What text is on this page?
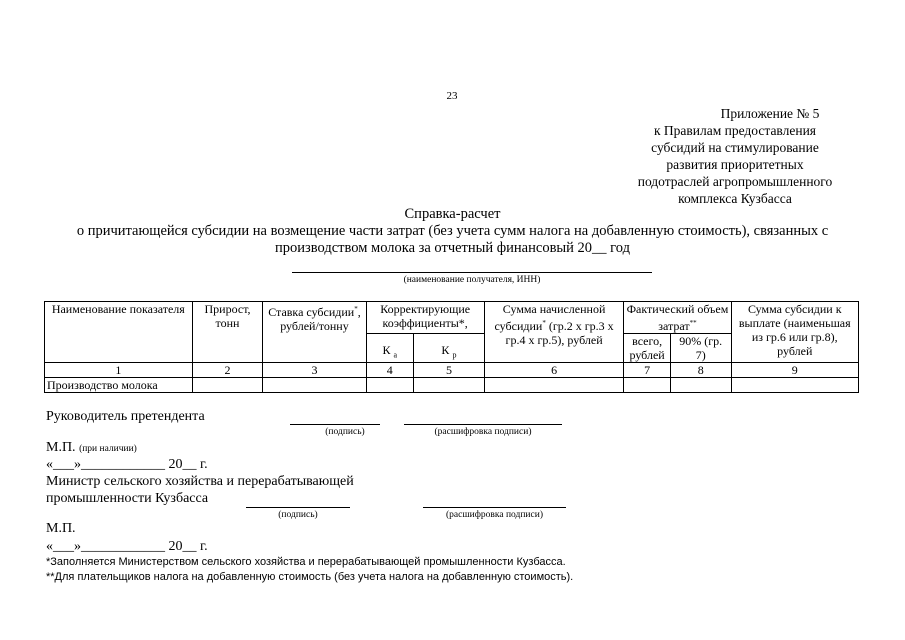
23
Приложение № 5
к Правилам предоставления
субсидий на стимулирование
развития приоритетных
подотраслей агропромышленного
комплекса Кузбасса
Справка-расчет
о причитающейся субсидии на возмещение части затрат (без учета сумм налога на добавленную стоимость), связанных с
производством молока за отчетный финансовый 20__ год
(наименование получателя, ИНН)
Наименование показателя	Прирост, тонн	Ставка субсидии*, рублей/тонну	Корректирующие коэффициенты*,		Сумма начисленной субсидии* (гр.2 x гр.3 x гр.4 x гр.5), рублей	Фактический объем затрат**		Сумма субсидии к выплате (наименьшая из гр.6 или гр.8), рублей
			К $_а$	К $_р$		всего, рублей	90% (гр. 7)	
1	2	3	4	5	6	7	8	9
Производство молока								
Руководитель претендента
(подпись)	(расшифровка подписи)
М.П. (при наличии)
«___»____________ 20__ г.
Министр сельского хозяйства и перерабатывающей
промышленности Кузбасса
(подпись)	(расшифровка подписи)
М.П.
«___»____________ 20__ г.
*Заполняется Министерством сельского хозяйства и перерабатывающей промышленности Кузбасса.
**Для плательщиков налога на добавленную стоимость (без учета налога на добавленную стоимость).
